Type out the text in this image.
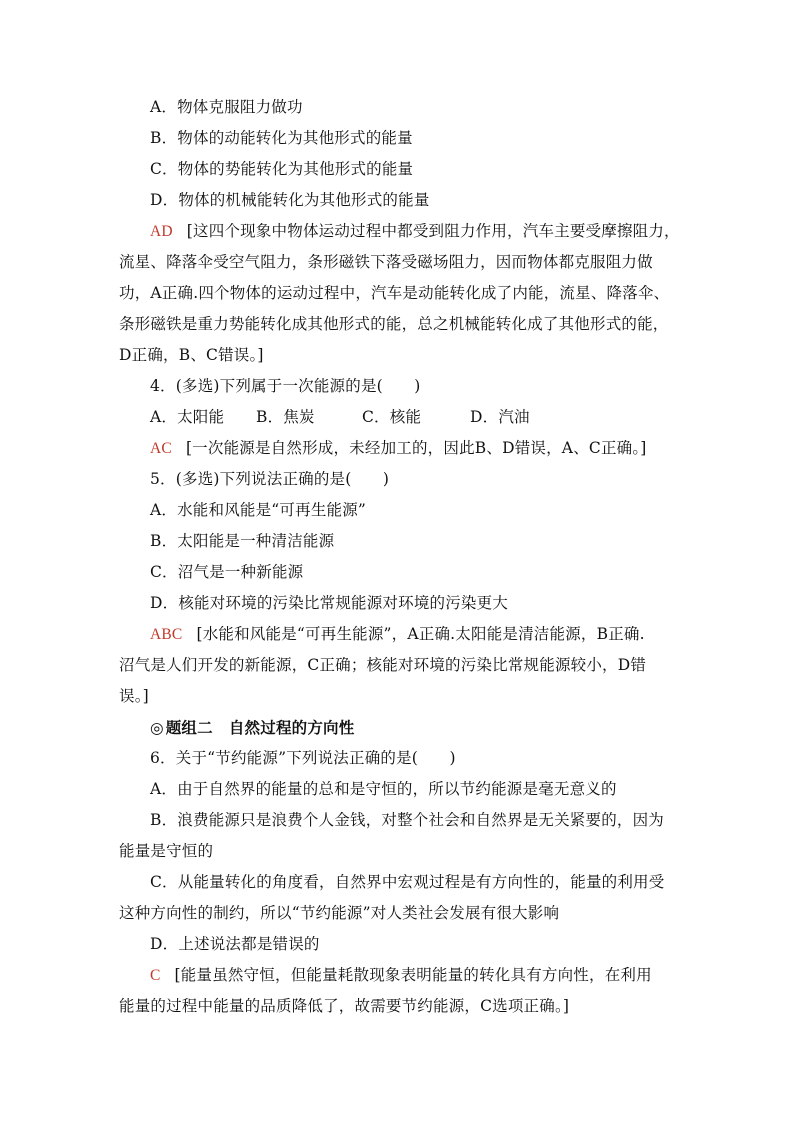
A．物体克服阻力做功
B．物体的动能转化为其他形式的能量
C．物体的势能转化为其他形式的能量
D．物体的机械能转化为其他形式的能量
AD [这四个现象中物体运动过程中都受到阻力作用，汽车主要受摩擦阻力，
流星、降落伞受空气阻力，条形磁铁下落受磁场阻力，因而物体都克服阻力做
功，A正确.四个物体的运动过程中，汽车是动能转化成了内能，流星、降落伞、
条形磁铁是重力势能转化成其他形式的能，总之机械能转化成了其他形式的能，
D正确，B、C错误。]
4．(多选)下列属于一次能源的是(　　)
A．太阳能	B．焦炭	C．核能	D．汽油
AC [一次能源是自然形成，未经加工的，因此B、D错误，A、C正确。]
5．(多选)下列说法正确的是(　　)
A．水能和风能是“可再生能源”
B．太阳能是一种清洁能源
C．沼气是一种新能源
D．核能对环境的污染比常规能源对环境的污染更大
ABC [水能和风能是“可再生能源”，A正确.太阳能是清洁能源，B正确.
沼气是人们开发的新能源，C正确；核能对环境的污染比常规能源较小，D错
误。]
◎ 题组二 自然过程的方向性
6．关于“节约能源”下列说法正确的是(　　)
A．由于自然界的能量的总和是守恒的，所以节约能源是毫无意义的
B．浪费能源只是浪费个人金钱，对整个社会和自然界是无关紧要的，因为
能量是守恒的
C．从能量转化的角度看，自然界中宏观过程是有方向性的，能量的利用受
这种方向性的制约，所以“节约能源”对人类社会发展有很大影响
D．上述说法都是错误的
C [能量虽然守恒，但能量耗散现象表明能量的转化具有方向性，在利用
能量的过程中能量的品质降低了，故需要节约能源，C选项正确。]
